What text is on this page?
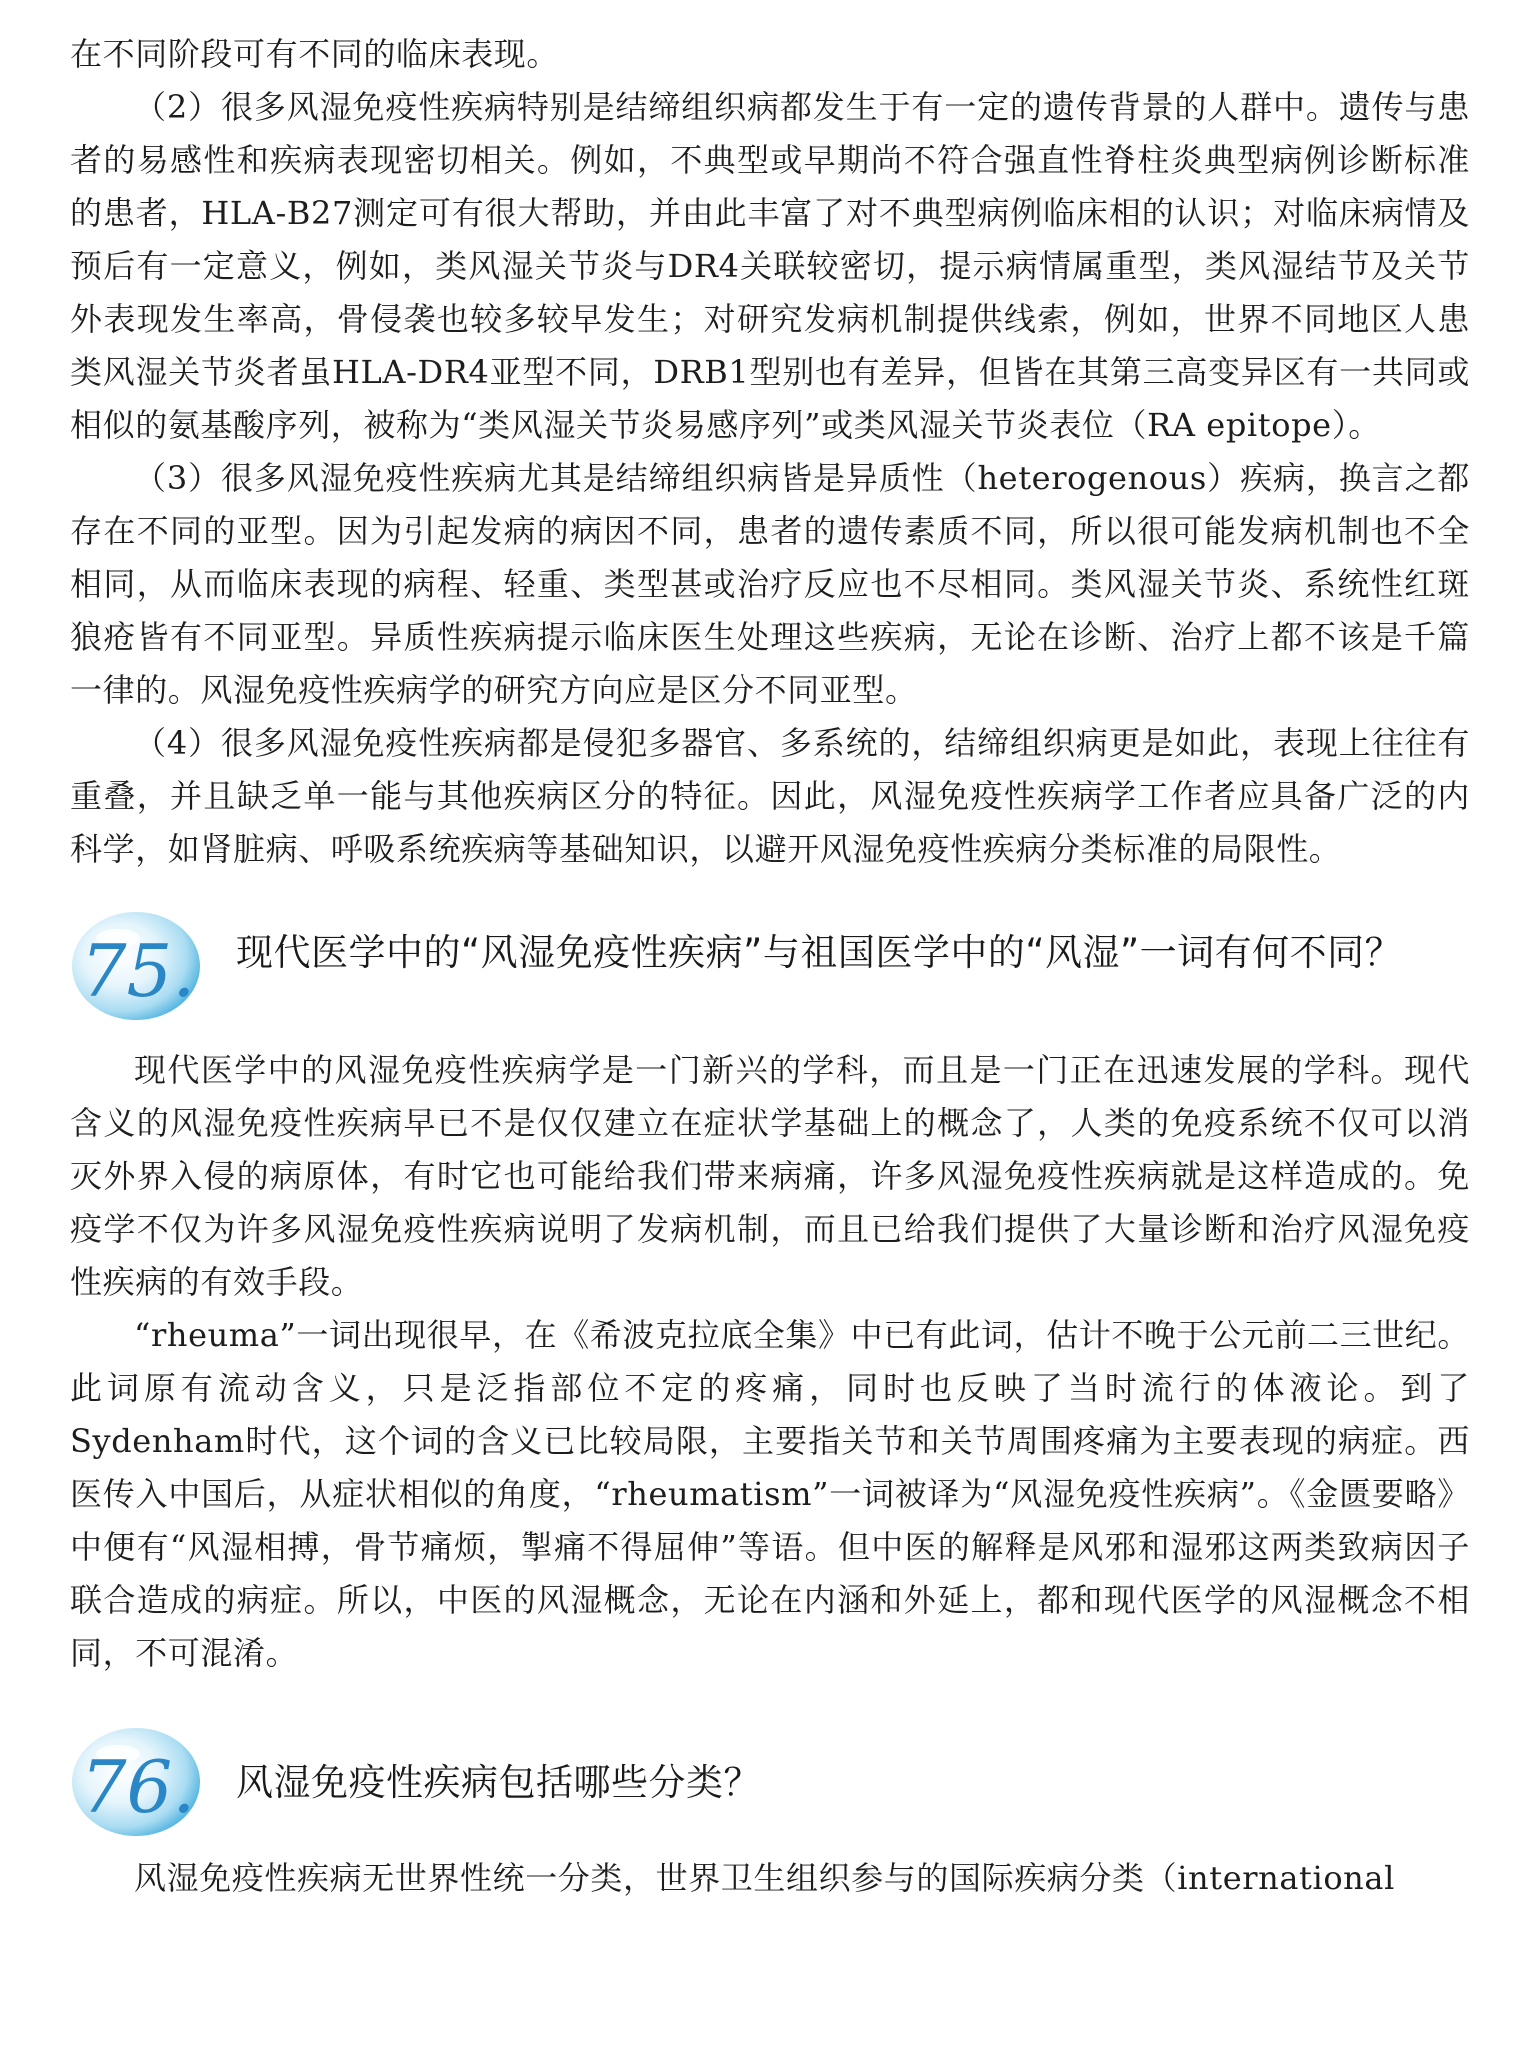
在不同阶段可有不同的临床表现。

（2）很多风湿免疫性疾病特别是结缔组织病都发生于有一定的遗传背景的人群中。遗传与患者的易感性和疾病表现密切相关。例如，不典型或早期尚不符合强直性脊柱炎典型病例诊断标准的患者，HLA-B27测定可有很大帮助，并由此丰富了对不典型病例临床相的认识；对临床病情及预后有一定意义，例如，类风湿关节炎与DR4关联较密切，提示病情属重型，类风湿结节及关节外表现发生率高，骨侵袭也较多较早发生；对研究发病机制提供线索，例如，世界不同地区人患类风湿关节炎者虽HLA-DR4亚型不同，DRB1型别也有差异，但皆在其第三高变异区有一共同或相似的氨基酸序列，被称为“类风湿关节炎易感序列”或类风湿关节炎表位（RA epitope）。

（3）很多风湿免疫性疾病尤其是结缔组织病皆是异质性（heterogenous）疾病，换言之都存在不同的亚型。因为引起发病的病因不同，患者的遗传素质不同，所以很可能发病机制也不全相同，从而临床表现的病程、轻重、类型甚或治疗反应也不尽相同。类风湿关节炎、系统性红斑狼疮皆有不同亚型。异质性疾病提示临床医生处理这些疾病，无论在诊断、治疗上都不该是千篇一律的。风湿免疫性疾病学的研究方向应是区分不同亚型。

（4）很多风湿免疫性疾病都是侵犯多器官、多系统的，结缔组织病更是如此，表现上往往有重叠，并且缺乏单一能与其他疾病区分的特征。因此，风湿免疫性疾病学工作者应具备广泛的内科学，如肾脏病、呼吸系统疾病等基础知识，以避开风湿免疫性疾病分类标准的局限性。

75. 现代医学中的“风湿免疫性疾病”与祖国医学中的“风湿”一词有何不同？

现代医学中的风湿免疫性疾病学是一门新兴的学科，而且是一门正在迅速发展的学科。现代含义的风湿免疫性疾病早已不是仅仅建立在症状学基础上的概念了，人类的免疫系统不仅可以消灭外界入侵的病原体，有时它也可能给我们带来病痛，许多风湿免疫性疾病就是这样造成的。免疫学不仅为许多风湿免疫性疾病说明了发病机制，而且已给我们提供了大量诊断和治疗风湿免疫性疾病的有效手段。

“rheuma”一词出现很早，在《希波克拉底全集》中已有此词，估计不晚于公元前二三世纪。此词原有流动含义，只是泛指部位不定的疼痛，同时也反映了当时流行的体液论。到了Sydenham时代，这个词的含义已比较局限，主要指关节和关节周围疼痛为主要表现的病症。西医传入中国后，从症状相似的角度，“rheumatism”一词被译为“风湿免疫性疾病”。《金匮要略》中便有“风湿相搏，骨节痛烦，掣痛不得屈伸”等语。但中医的解释是风邪和湿邪这两类致病因子联合造成的病症。所以，中医的风湿概念，无论在内涵和外延上，都和现代医学的风湿概念不相同，不可混淆。

76. 风湿免疫性疾病包括哪些分类？

风湿免疫性疾病无世界性统一分类，世界卫生组织参与的国际疾病分类（international
